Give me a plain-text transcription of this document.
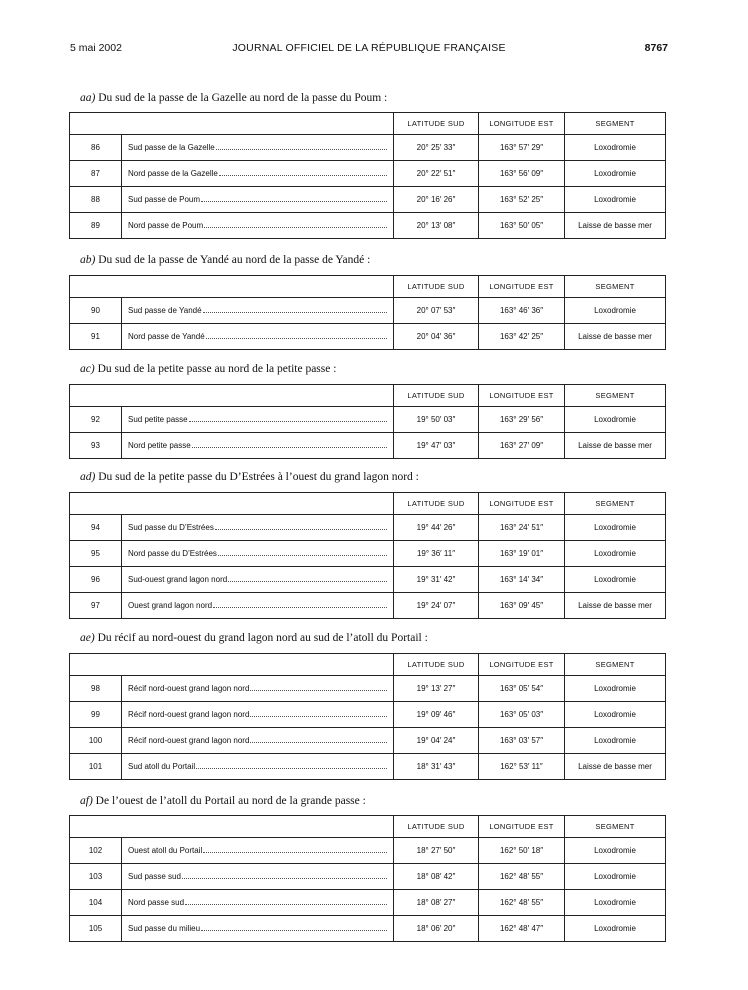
5 mai 2002	JOURNAL OFFICIEL DE LA RÉPUBLIQUE FRANÇAISE	8767
aa) Du sud de la passe de la Gazelle au nord de la passe du Poum :
		LATITUDE SUD	LONGITUDE EST	SEGMENT
86	Sud passe de la Gazelle	20° 25′ 33″	163° 57′ 29″	Loxodromie
87	Nord passe de la Gazelle	20° 22′ 51″	163° 56′ 09″	Loxodromie
88	Sud passe de Poum	20° 16′ 26″	163° 52′ 25″	Loxodromie
89	Nord passe de Poum	20° 13′ 08″	163° 50′ 05″	Laisse de basse mer
ab) Du sud de la passe de Yandé au nord de la passe de Yandé :
		LATITUDE SUD	LONGITUDE EST	SEGMENT
90	Sud passe de Yandé	20° 07′ 53″	163° 46′ 36″	Loxodromie
91	Nord passe de Yandé	20° 04′ 36″	163° 42′ 25″	Laisse de basse mer
ac) Du sud de la petite passe au nord de la petite passe :
		LATITUDE SUD	LONGITUDE EST	SEGMENT
92	Sud petite passe	19° 50′ 03″	163° 29′ 56″	Loxodromie
93	Nord petite passe	19° 47′ 03″	163° 27′ 09″	Laisse de basse mer
ad) Du sud de la petite passe du D’Estrées à l’ouest du grand lagon nord :
		LATITUDE SUD	LONGITUDE EST	SEGMENT
94	Sud passe du D’Estrées	19° 44′ 26″	163° 24′ 51″	Loxodromie
95	Nord passe du D’Estrées	19° 36′ 11″	163° 19′ 01″	Loxodromie
96	Sud-ouest grand lagon nord	19° 31′ 42″	163° 14′ 34″	Loxodromie
97	Ouest grand lagon nord	19° 24′ 07″	163° 09′ 45″	Laisse de basse mer
ae) Du récif au nord-ouest du grand lagon nord au sud de l’atoll du Portail :
		LATITUDE SUD	LONGITUDE EST	SEGMENT
98	Récif nord-ouest grand lagon nord	19° 13′ 27″	163° 05′ 54″	Loxodromie
99	Récif nord-ouest grand lagon nord	19° 09′ 46″	163° 05′ 03″	Loxodromie
100	Récif nord-ouest grand lagon nord	19° 04′ 24″	163° 03′ 57″	Loxodromie
101	Sud atoll du Portail	18° 31′ 43″	162° 53′ 11″	Laisse de basse mer
af) De l’ouest de l’atoll du Portail au nord de la grande passe :
		LATITUDE SUD	LONGITUDE EST	SEGMENT
102	Ouest atoll du Portail	18° 27′ 50″	162° 50′ 18″	Loxodromie
103	Sud passe sud	18° 08′ 42″	162° 48′ 55″	Loxodromie
104	Nord passe sud	18° 08′ 27″	162° 48′ 55″	Loxodromie
105	Sud passe du milieu	18° 06′ 20″	162° 48′ 47″	Loxodromie
